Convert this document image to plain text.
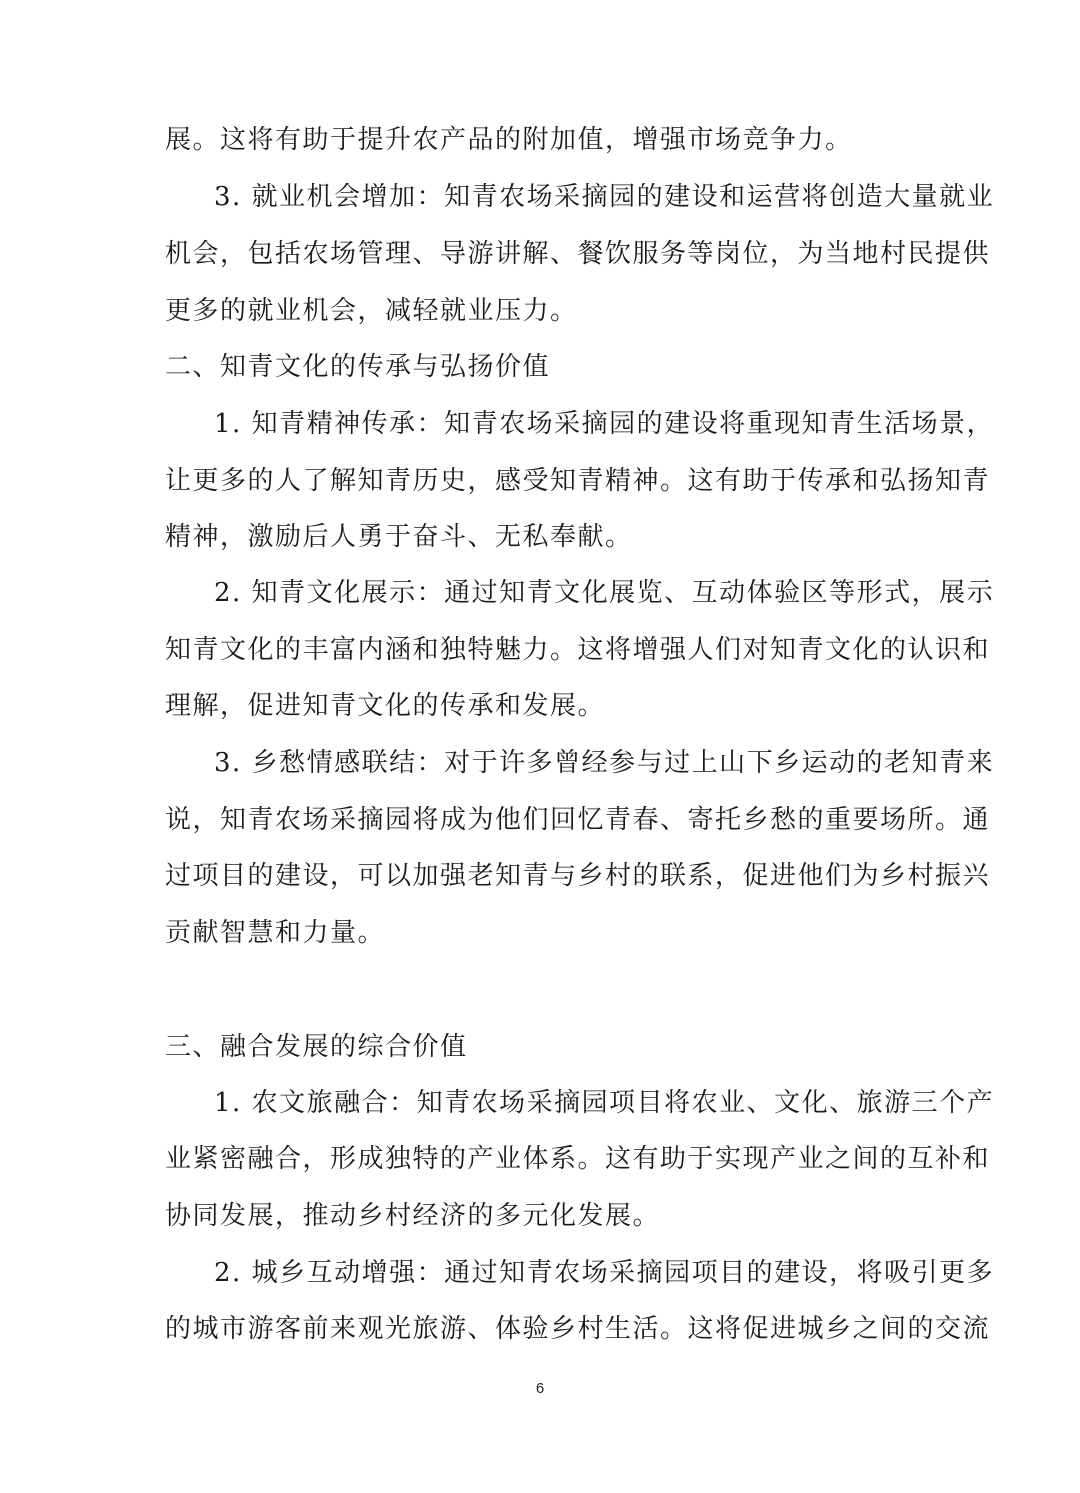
展。这将有助于提升农产品的附加值，增强市场竞争力。
3. 就业机会增加：知青农场采摘园的建设和运营将创造大量就业
机会，包括农场管理、导游讲解、餐饮服务等岗位，为当地村民提供
更多的就业机会，减轻就业压力。
二、知青文化的传承与弘扬价值
1. 知青精神传承：知青农场采摘园的建设将重现知青生活场景，
让更多的人了解知青历史，感受知青精神。这有助于传承和弘扬知青
精神，激励后人勇于奋斗、无私奉献。
2. 知青文化展示：通过知青文化展览、互动体验区等形式，展示
知青文化的丰富内涵和独特魅力。这将增强人们对知青文化的认识和
理解，促进知青文化的传承和发展。
3. 乡愁情感联结：对于许多曾经参与过上山下乡运动的老知青来
说，知青农场采摘园将成为他们回忆青春、寄托乡愁的重要场所。通
过项目的建设，可以加强老知青与乡村的联系，促进他们为乡村振兴
贡献智慧和力量。
三、融合发展的综合价值
1. 农文旅融合：知青农场采摘园项目将农业、文化、旅游三个产
业紧密融合，形成独特的产业体系。这有助于实现产业之间的互补和
协同发展，推动乡村经济的多元化发展。
2. 城乡互动增强：通过知青农场采摘园项目的建设，将吸引更多
的城市游客前来观光旅游、体验乡村生活。这将促进城乡之间的交流
6
